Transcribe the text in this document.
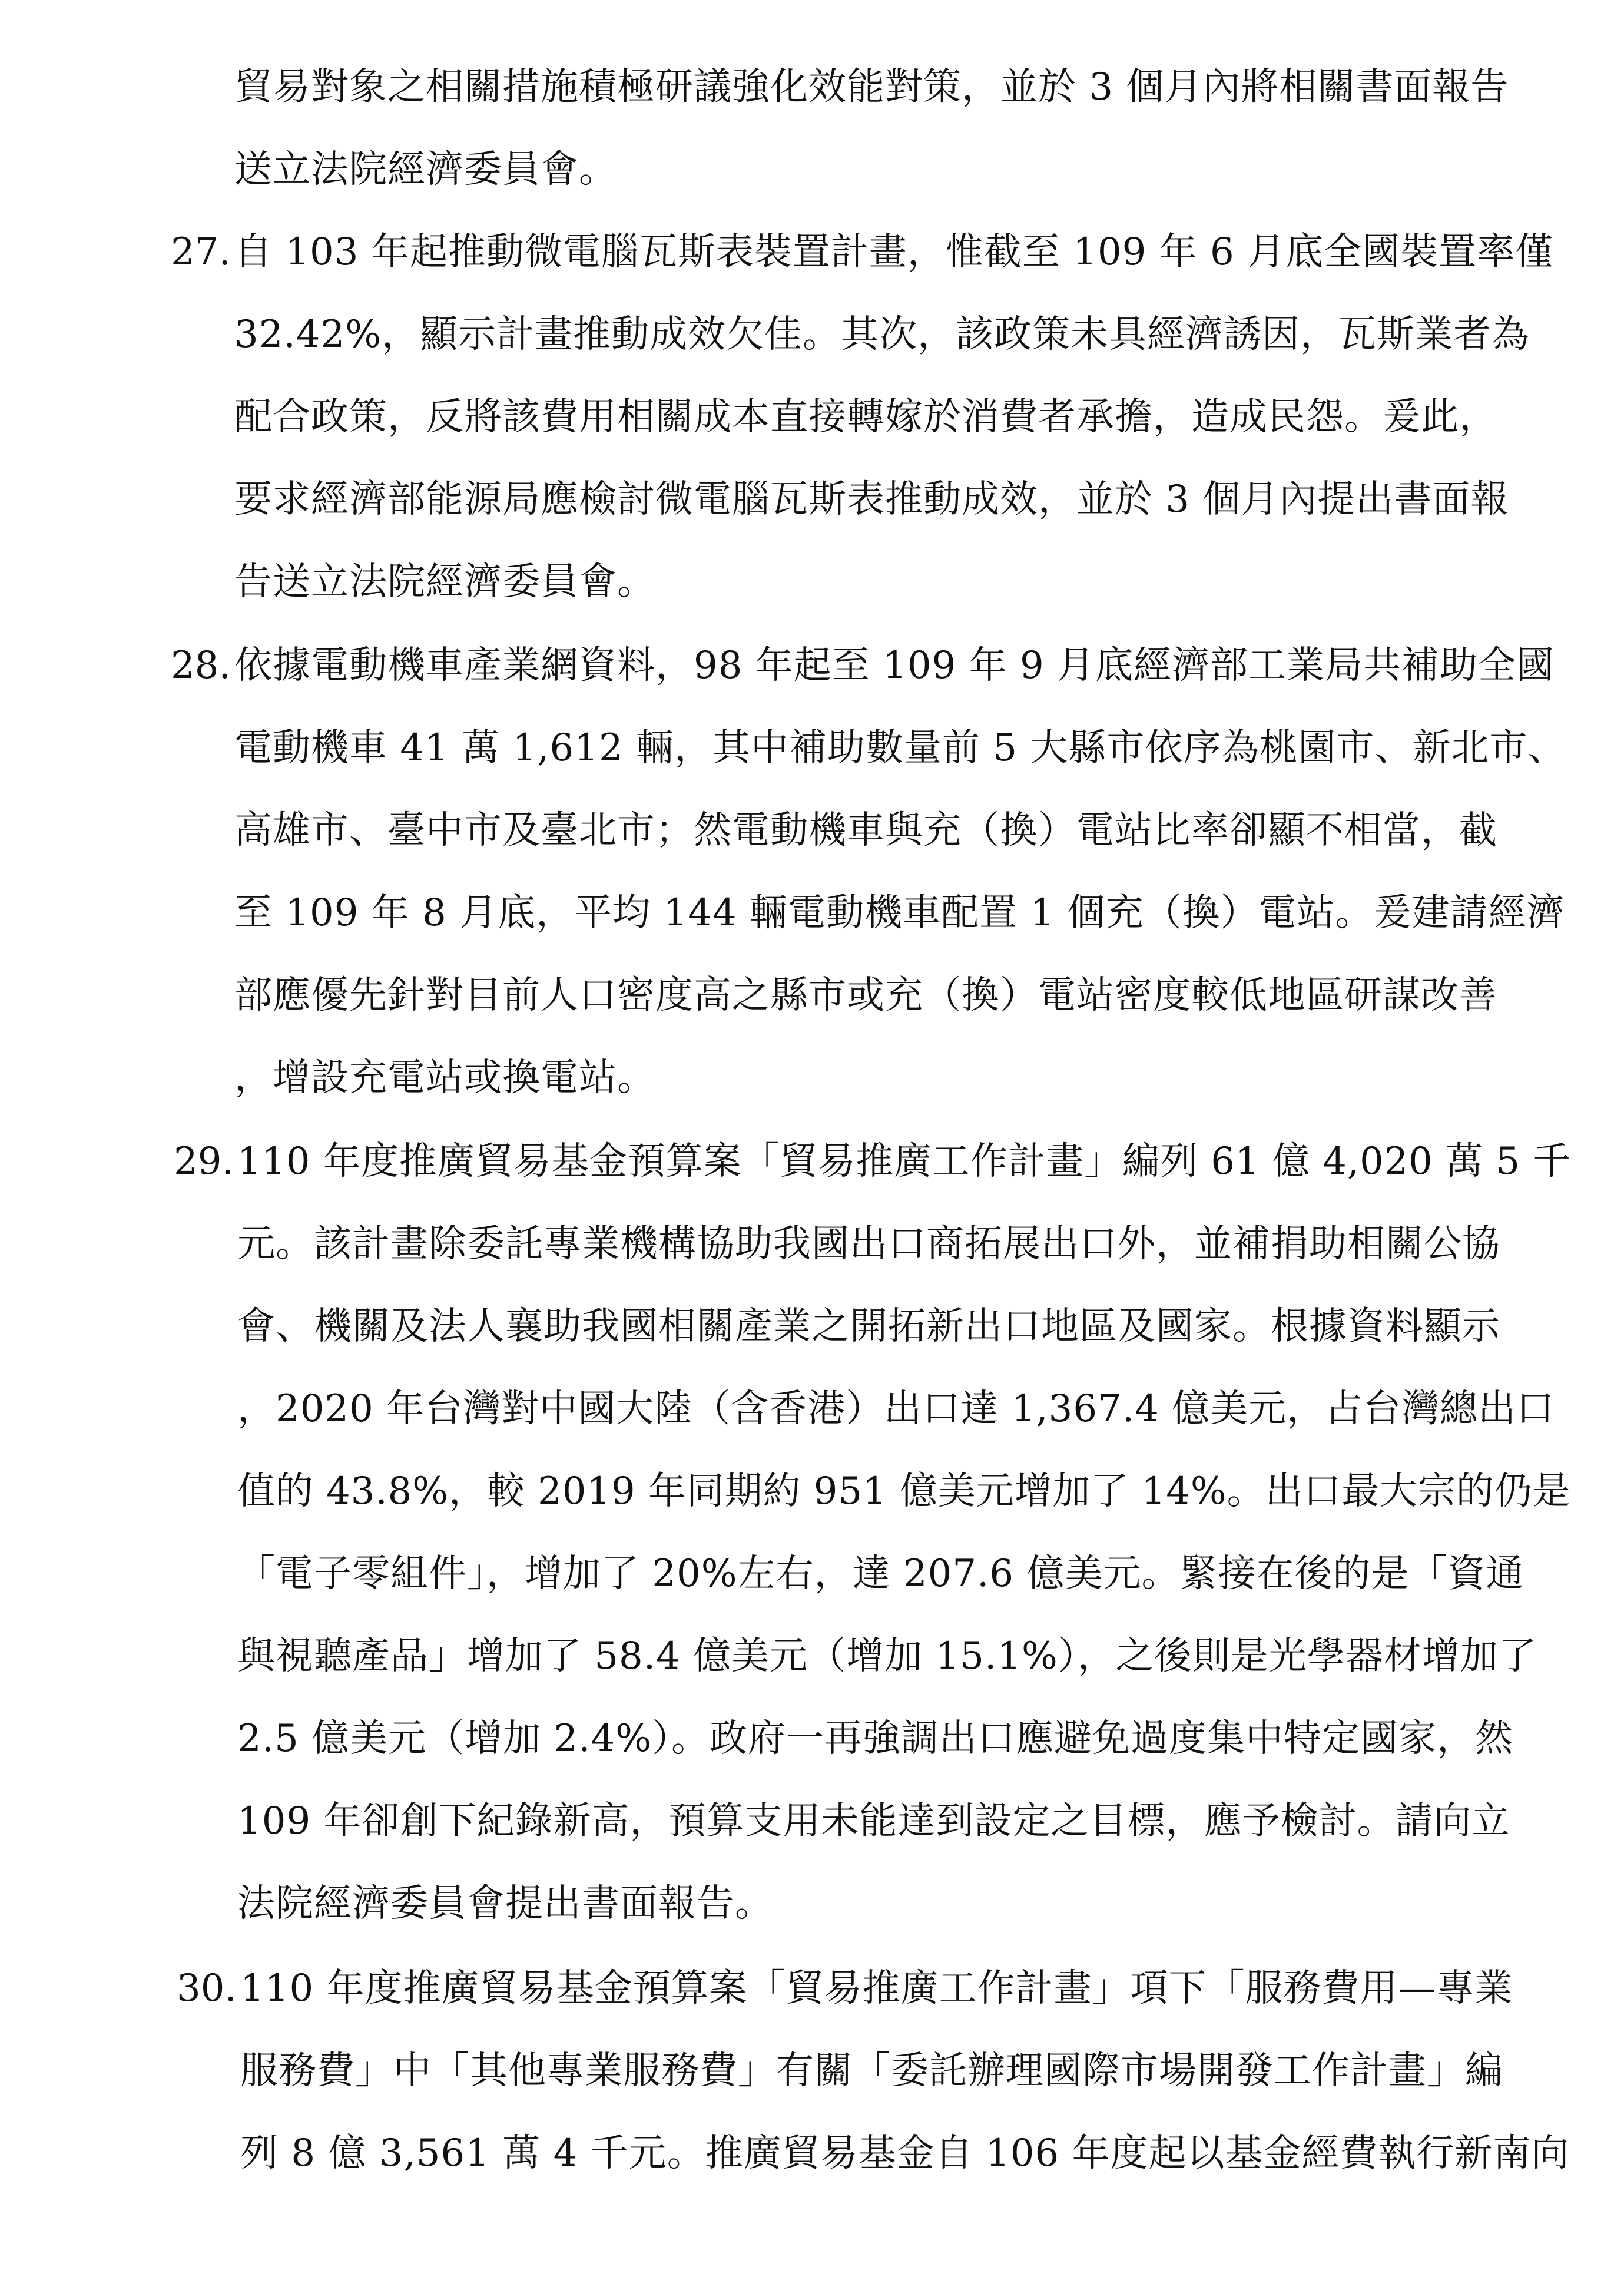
貿易對象之相關措施積極研議強化效能對策，並於 3 個月內將相關書面報告
送立法院經濟委員會。
27. 自 103 年起推動微電腦瓦斯表裝置計畫，惟截至 109 年 6 月底全國裝置率僅
32.42%，顯示計畫推動成效欠佳。其次，該政策未具經濟誘因，瓦斯業者為
配合政策，反將該費用相關成本直接轉嫁於消費者承擔，造成民怨。爰此，
要求經濟部能源局應檢討微電腦瓦斯表推動成效，並於 3 個月內提出書面報
告送立法院經濟委員會。
28. 依據電動機車產業網資料，98 年起至 109 年 9 月底經濟部工業局共補助全國
電動機車 41 萬 1,612 輛，其中補助數量前 5 大縣市依序為桃園市、新北市、
高雄市、臺中市及臺北市；然電動機車與充（換）電站比率卻顯不相當，截
至 109 年 8 月底，平均 144 輛電動機車配置 1 個充（換）電站。爰建請經濟
部應優先針對目前人口密度高之縣市或充（換）電站密度較低地區研謀改善
，增設充電站或換電站。
29. 110 年度推廣貿易基金預算案「貿易推廣工作計畫」編列 61 億 4,020 萬 5 千
元。該計畫除委託專業機構協助我國出口商拓展出口外，並補捐助相關公協
會、機關及法人襄助我國相關產業之開拓新出口地區及國家。根據資料顯示
，2020 年台灣對中國大陸（含香港）出口達 1,367.4 億美元，占台灣總出口
值的 43.8%，較 2019 年同期約 951 億美元增加了 14%。出口最大宗的仍是
「電子零組件」，增加了 20%左右，達 207.6 億美元。緊接在後的是「資通
與視聽產品」增加了 58.4 億美元（增加 15.1%），之後則是光學器材增加了
2.5 億美元（增加 2.4%）。政府一再強調出口應避免過度集中特定國家，然
109 年卻創下紀錄新高，預算支用未能達到設定之目標，應予檢討。請向立
法院經濟委員會提出書面報告。
30. 110 年度推廣貿易基金預算案「貿易推廣工作計畫」項下「服務費用—專業
服務費」中「其他專業服務費」有關「委託辦理國際市場開發工作計畫」編
列 8 億 3,561 萬 4 千元。推廣貿易基金自 106 年度起以基金經費執行新南向
